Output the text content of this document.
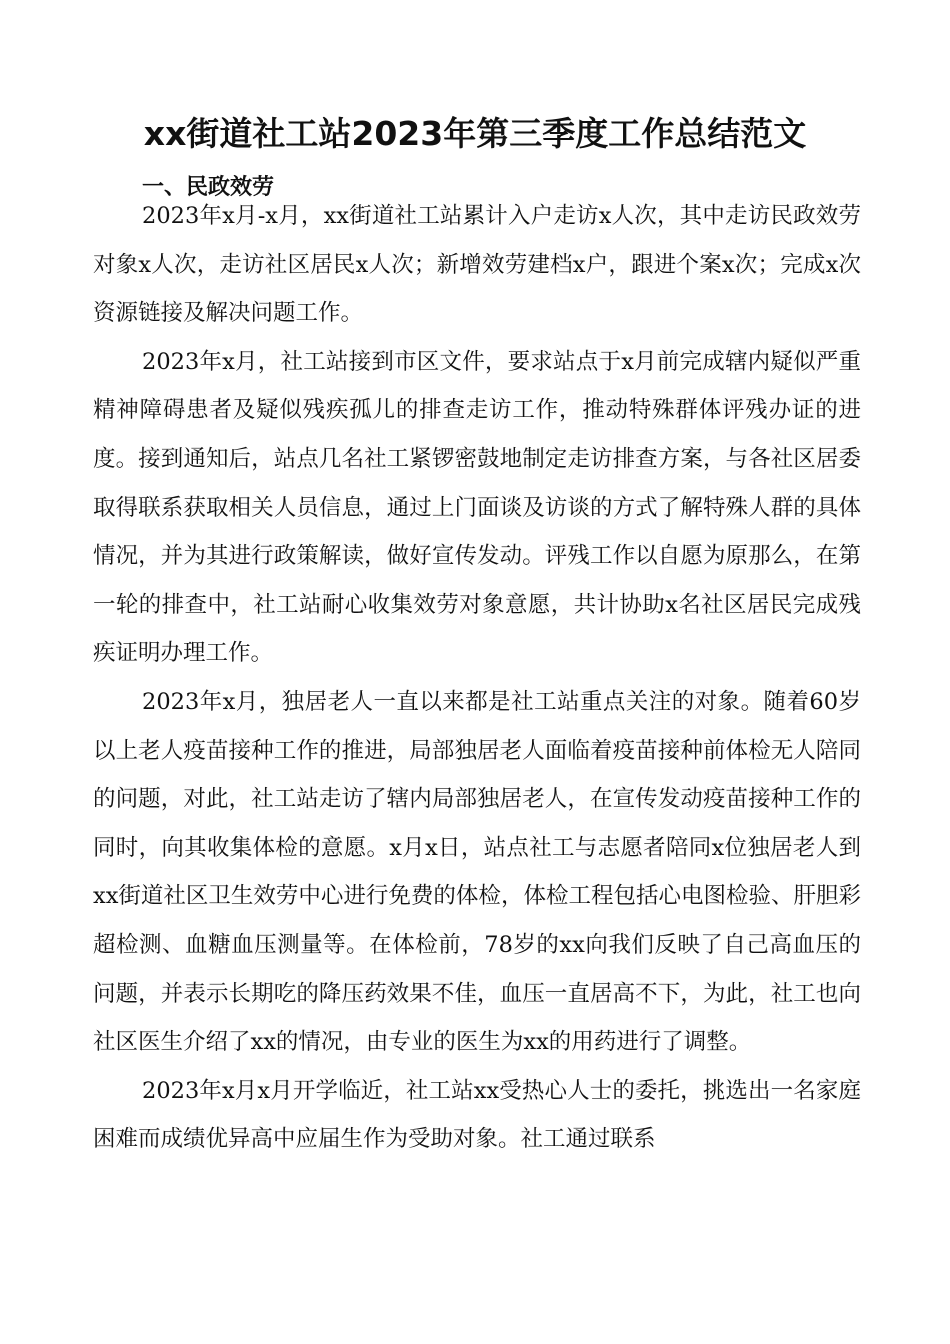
xx街道社工站2023年第三季度工作总结范文
一、民政效劳

2023年x月-x月，xx街道社工站累计入户走访x人次，其中走访民政效劳对象x人次，走访社区居民x人次；新增效劳建档x户，跟进个案x次；完成x次资源链接及解决问题工作。

2023年x月，社工站接到市区文件，要求站点于x月前完成辖内疑似严重精神障碍患者及疑似残疾孤儿的排查走访工作，推动特殊群体评残办证的进度。接到通知后，站点几名社工紧锣密鼓地制定走访排查方案，与各社区居委取得联系获取相关人员信息，通过上门面谈及访谈的方式了解特殊人群的具体情况，并为其进行政策解读，做好宣传发动。评残工作以自愿为原那么，在第一轮的排查中，社工站耐心收集效劳对象意愿，共计协助x名社区居民完成残疾证明办理工作。

2023年x月，独居老人一直以来都是社工站重点关注的对象。随着60岁以上老人疫苗接种工作的推进，局部独居老人面临着疫苗接种前体检无人陪同的问题，对此，社工站走访了辖内局部独居老人，在宣传发动疫苗接种工作的同时，向其收集体检的意愿。x月x日，站点社工与志愿者陪同x位独居老人到xx街道社区卫生效劳中心进行免费的体检，体检工程包括心电图检验、肝胆彩超检测、血糖血压测量等。在体检前，78岁的xx向我们反映了自己高血压的问题，并表示长期吃的降压药效果不佳，血压一直居高不下，为此，社工也向社区医生介绍了xx的情况，由专业的医生为xx的用药进行了调整。

2023年x月x月开学临近，社工站xx受热心人士的委托，挑选出一名家庭困难而成绩优异高中应届生作为受助对象。社工通过联系
